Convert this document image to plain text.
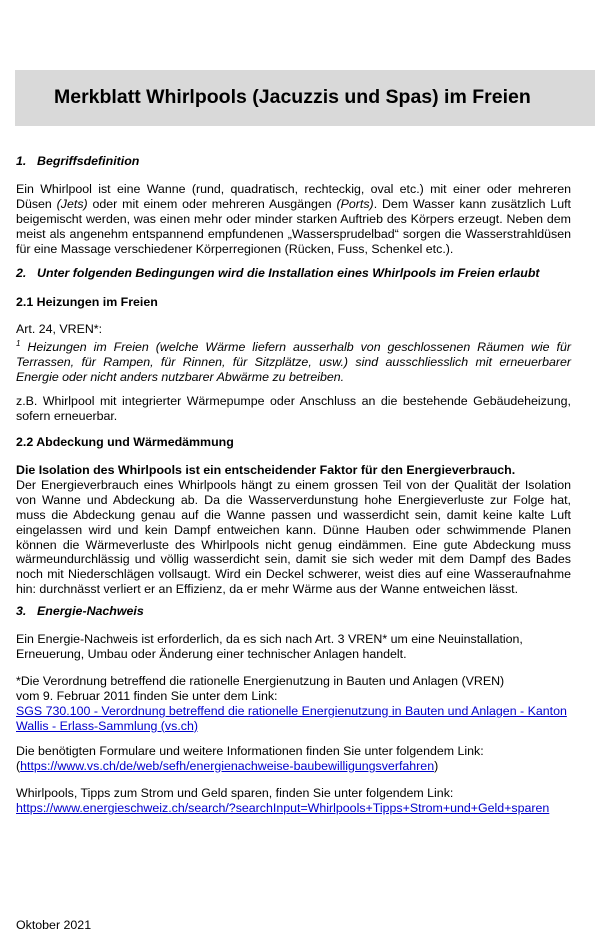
Merkblatt Whirlpools (Jacuzzis und Spas) im Freien
1. Begriffsdefinition

Ein Whirlpool ist eine Wanne (rund, quadratisch, rechteckig, oval etc.) mit einer oder mehreren Düsen (Jets) oder mit einem oder mehreren Ausgängen (Ports). Dem Wasser kann zusätzlich Luft beigemischt werden, was einen mehr oder minder starken Auftrieb des Körpers erzeugt. Neben dem meist als angenehm entspannend empfundenen „Wassersprudelbad“ sorgen die Wasserstrahldüsen für eine Massage verschiedener Körperregionen (Rücken, Fuss, Schenkel etc.).

2. Unter folgenden Bedingungen wird die Installation eines Whirlpools im Freien erlaubt
2.1 Heizungen im Freien

Art. 24, VREN*:

$^1$ Heizungen im Freien (welche Wärme liefern ausserhalb von geschlossenen Räumen wie für Terrassen, für Rampen, für Rinnen, für Sitzplätze, usw.) sind ausschliesslich mit erneuerbarer Energie oder nicht anders nutzbarer Abwärme zu betreiben.

z.B. Whirlpool mit integrierter Wärmepumpe oder Anschluss an die bestehende Gebäudeheizung, sofern erneuerbar.

2.2 Abdeckung und Wärmedämmung

Die Isolation des Whirlpools ist ein entscheidender Faktor für den Energieverbrauch.

Der Energieverbrauch eines Whirlpools hängt zu einem grossen Teil von der Qualität der Isolation von Wanne und Abdeckung ab. Da die Wasserverdunstung hohe Energieverluste zur Folge hat, muss die Abdeckung genau auf die Wanne passen und wasserdicht sein, damit keine kalte Luft eingelassen wird und kein Dampf entweichen kann. Dünne Hauben oder schwimmende Planen können die Wärmeverluste des Whirlpools nicht genug eindämmen. Eine gute Abdeckung muss wärmeundurchlässig und völlig wasserdicht sein, damit sie sich weder mit dem Dampf des Bades noch mit Niederschlägen vollsaugt. Wird ein Deckel schwerer, weist dies auf eine Wasseraufnahme hin: durchnässt verliert er an Effizienz, da er mehr Wärme aus der Wanne entweichen lässt.

3. Energie-Nachweis
Ein Energie-Nachweis ist erforderlich, da es sich nach Art. 3 VREN* um eine Neuinstallation,
Erneuerung, Umbau oder Änderung einer technischer Anlagen handelt.
*Die Verordnung betreffend die rationelle Energienutzung in Bauten und Anlagen (VREN)
vom 9. Februar 2011 finden Sie unter dem Link:
SGS 730.100 - Verordnung betreffend die rationelle Energienutzung in Bauten und Anlagen - Kanton
Wallis - Erlass-Sammlung (vs.ch)
Die benötigten Formulare und weitere Informationen finden Sie unter folgendem Link:
(https://www.vs.ch/de/web/sefh/energienachweise-baubewilligungsverfahren)
Whirlpools, Tipps zum Strom und Geld sparen, finden Sie unter folgendem Link:
https://www.energieschweiz.ch/search/?searchInput=Whirlpools+Tipps+Strom+und+Geld+sparen
Oktober 2021
